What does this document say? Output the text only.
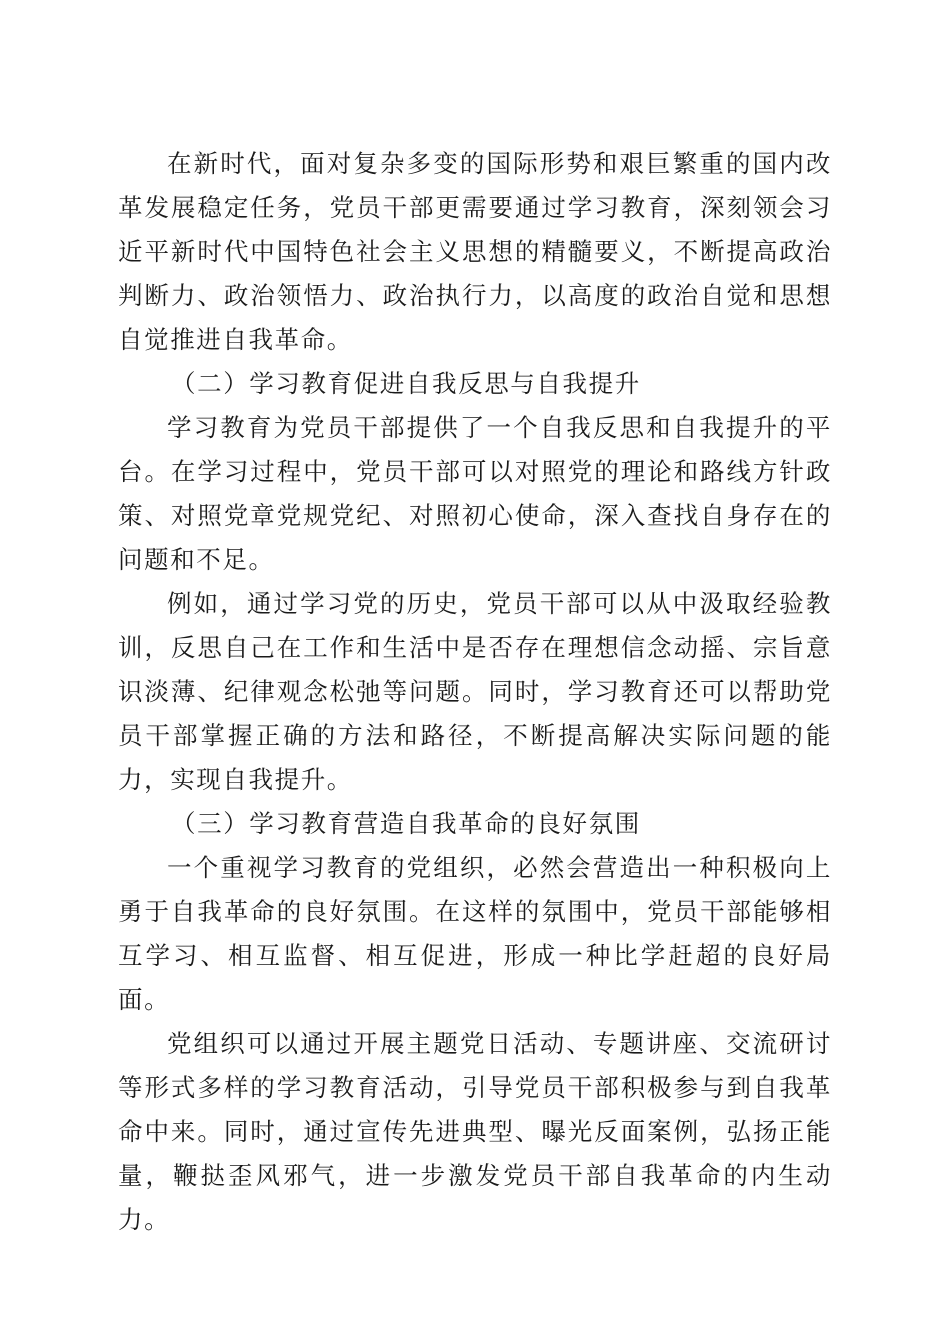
在新时代，面对复杂多变的国际形势和艰巨繁重的国内改革发展稳定任务，党员干部更需要通过学习教育，深刻领会习近平新时代中国特色社会主义思想的精髓要义，不断提高政治判断力、政治领悟力、政治执行力，以高度的政治自觉和思想自觉推进自我革命。

（二）学习教育促进自我反思与自我提升

学习教育为党员干部提供了一个自我反思和自我提升的平台。在学习过程中，党员干部可以对照党的理论和路线方针政策、对照党章党规党纪、对照初心使命，深入查找自身存在的问题和不足。

例如，通过学习党的历史，党员干部可以从中汲取经验教训，反思自己在工作和生活中是否存在理想信念动摇、宗旨意识淡薄、纪律观念松弛等问题。同时，学习教育还可以帮助党员干部掌握正确的方法和路径，不断提高解决实际问题的能力，实现自我提升。

（三）学习教育营造自我革命的良好氛围

一个重视学习教育的党组织，必然会营造出一种积极向上勇于自我革命的良好氛围。在这样的氛围中，党员干部能够相互学习、相互监督、相互促进，形成一种比学赶超的良好局面。

党组织可以通过开展主题党日活动、专题讲座、交流研讨等形式多样的学习教育活动，引导党员干部积极参与到自我革命中来。同时，通过宣传先进典型、曝光反面案例，弘扬正能量，鞭挞歪风邪气，进一步激发党员干部自我革命的内生动力。
